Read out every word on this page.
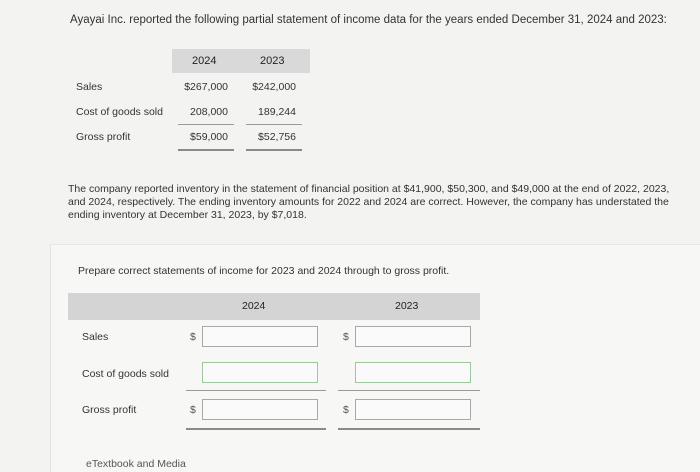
Ayayai Inc. reported the following partial statement of income data for the years ended December 31, 2024 and 2023:
2024	2023
Sales	$267,000	$242,000
Cost of goods sold	208,000	189,244
Gross profit	$59,000	$52,756
The company reported inventory in the statement of financial position at $41,900, $50,300, and $49,000 at the end of 2022, 2023, and 2024, respectively. The ending inventory amounts for 2022 and 2024 are correct. However, the company has understated the ending inventory at December 31, 2023, by $7,018.
Prepare correct statements of income for 2023 and 2024 through to gross profit.
2024	2023
Sales	$	$
Cost of goods sold
Gross profit	$	$
eTextbook and Media
